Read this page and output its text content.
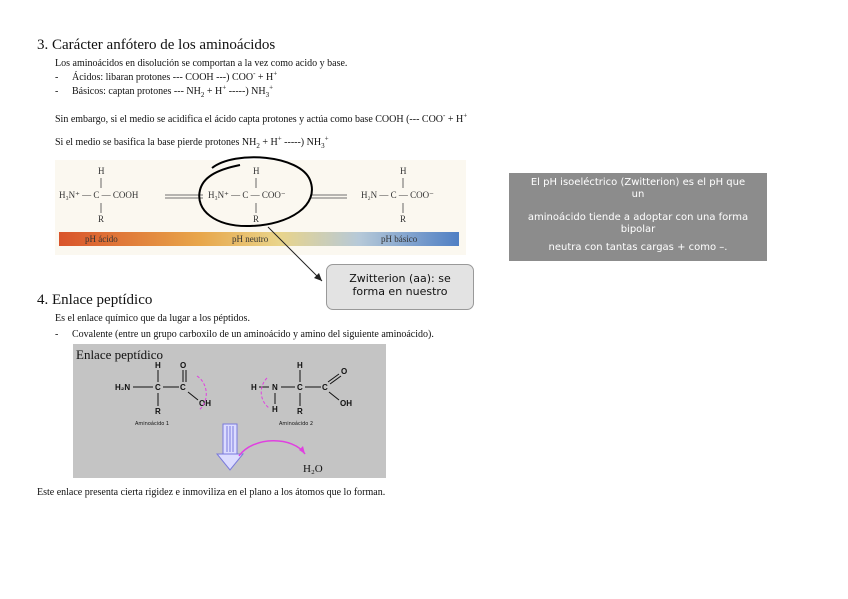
3. Carácter anfótero de los aminoácidos
Los aminoácidos en disolución se comportan a la vez como acido y base.
- Ácidos: libaran protones --- COOH ---) COO- + H+
- Básicos: captan protones --- $NH_2 + H^+$ -----) $NH_3^+$
Sin embargo, si el medio se acidifica el ácido capta protones y actúa como base COOH (--- COO- + H+
Si el medio se basifica la base pierde protones $NH_2 + H^+$ -----) $NH_3^+$
H
H₃N⁺ — C — COOH
R
H
H₃N⁺ — C — COO⁻
R
H
H₂N — C — COO⁻
R
pH ácido	pH neutro	pH básico
El pH isoeléctrico (Zwitterion) es el pH que
un
aminoácido tiende a adoptar con una forma
bipolar
neutra con tantas cargas + como –.
Zwitterion (aa): se
forma en nuestro
4. Enlace peptídico
Es el enlace químico que da lugar a los péptidos.
- Covalente (entre un grupo carboxilo de un aminoácido y amino del siguiente aminoácido).
Enlace peptídico
H
H₂N	C C
O
OH
R
Aminoácido 1
H N
H
H
C C
O
OH
R
Aminoácido 2
H₂O
Este enlace presenta cierta rigidez e inmoviliza en el plano a los átomos que lo forman.
